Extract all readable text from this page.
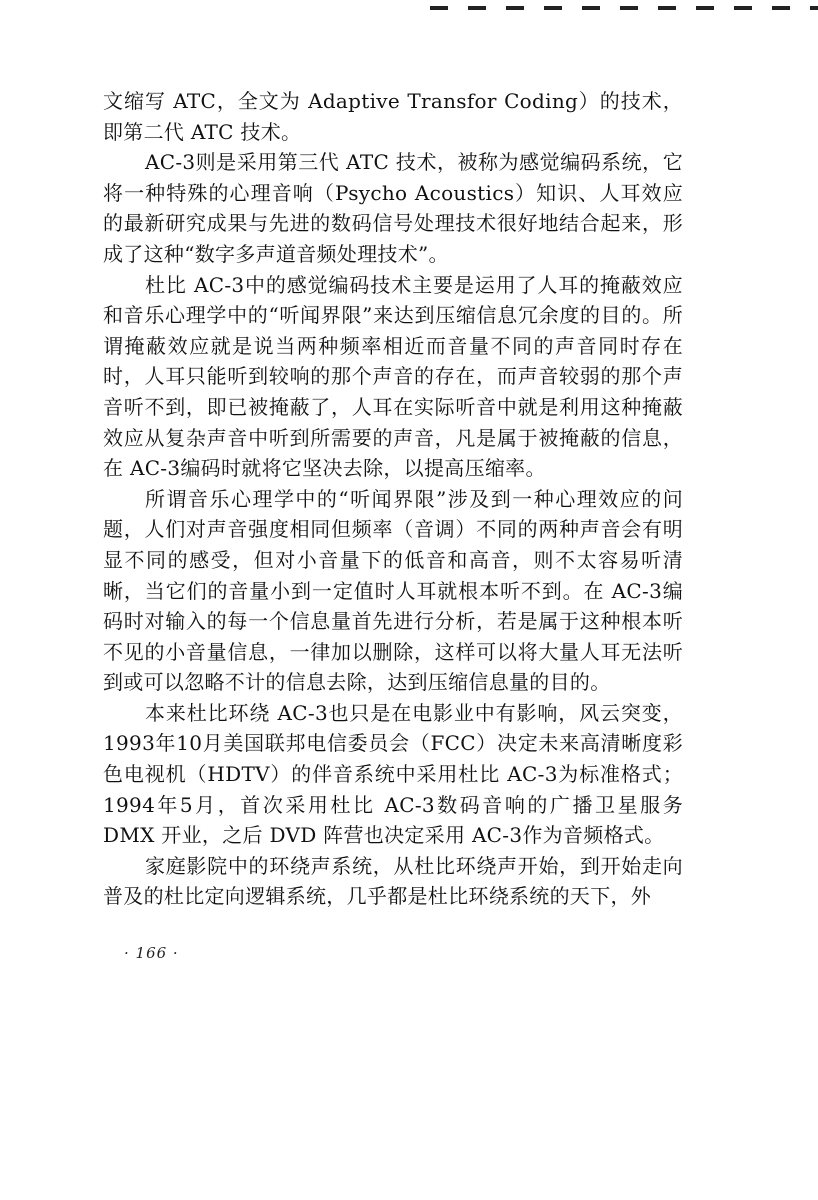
文缩写 ATC，全文为 Adaptive Transfor Coding）的技术，即第二代 ATC 技术。

AC-3则是采用第三代 ATC 技术，被称为感觉编码系统，它将一种特殊的心理音响（Psycho Acoustics）知识、人耳效应的最新研究成果与先进的数码信号处理技术很好地结合起来，形成了这种“数字多声道音频处理技术”。

杜比 AC-3中的感觉编码技术主要是运用了人耳的掩蔽效应和音乐心理学中的“听闻界限”来达到压缩信息冗余度的目的。所谓掩蔽效应就是说当两种频率相近而音量不同的声音同时存在时，人耳只能听到较响的那个声音的存在，而声音较弱的那个声音听不到，即已被掩蔽了，人耳在实际听音中就是利用这种掩蔽效应从复杂声音中听到所需要的声音，凡是属于被掩蔽的信息，在 AC-3编码时就将它坚决去除，以提高压缩率。

所谓音乐心理学中的“听闻界限”涉及到一种心理效应的问题，人们对声音强度相同但频率（音调）不同的两种声音会有明显不同的感受，但对小音量下的低音和高音，则不太容易听清晰，当它们的音量小到一定值时人耳就根本听不到。在 AC-3编码时对输入的每一个信息量首先进行分析，若是属于这种根本听不见的小音量信息，一律加以删除，这样可以将大量人耳无法听到或可以忽略不计的信息去除，达到压缩信息量的目的。

本来杜比环绕 AC-3也只是在电影业中有影响，风云突变，1993年10月美国联邦电信委员会（FCC）决定未来高清晰度彩色电视机（HDTV）的伴音系统中采用杜比 AC-3为标准格式；1994年5月，首次采用杜比 AC-3数码音响的广播卫星服务 DMX 开业，之后 DVD 阵营也决定采用 AC-3作为音频格式。

家庭影院中的环绕声系统，从杜比环绕声开始，到开始走向普及的杜比定向逻辑系统，几乎都是杜比环绕系统的天下，外

· 166 ·
